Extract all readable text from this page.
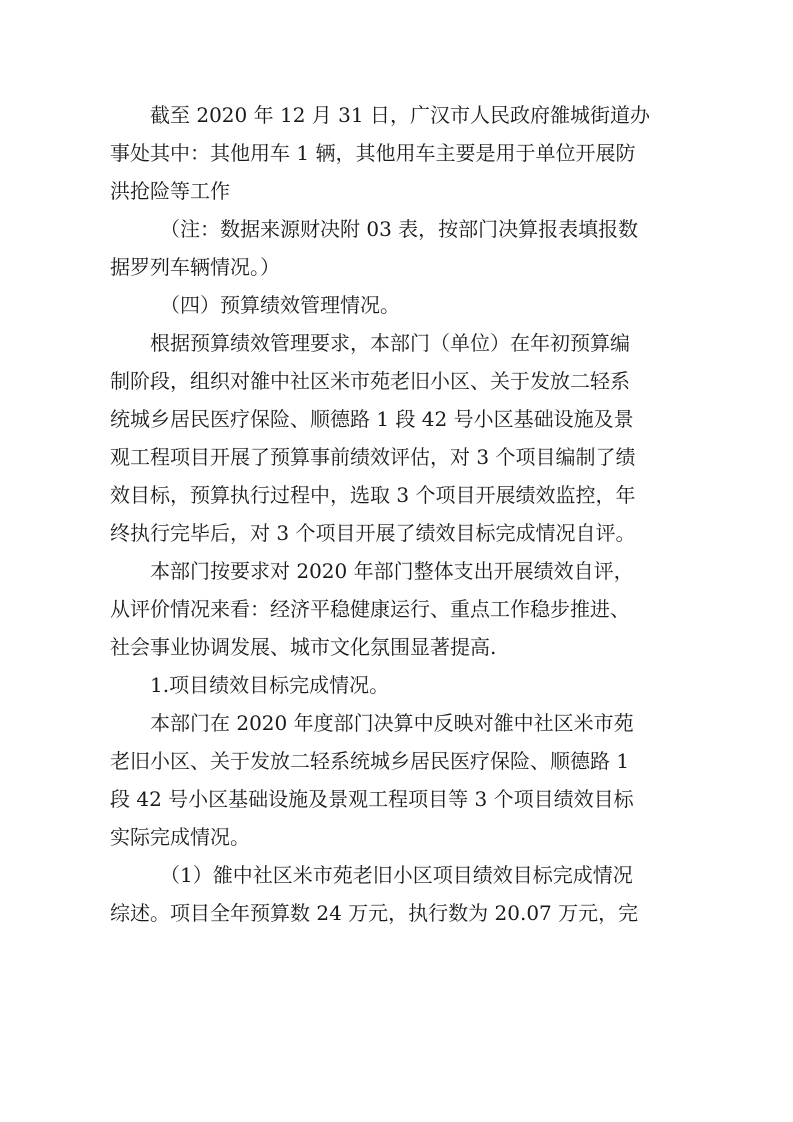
截至 2020 年 12 月 31 日，广汉市人民政府雒城街道办
事处其中：其他用车 1 辆，其他用车主要是用于单位开展防
洪抢险等工作
（注：数据来源财决附 03 表，按部门决算报表填报数
据罗列车辆情况。）
（四）预算绩效管理情况。
根据预算绩效管理要求，本部门（单位）在年初预算编
制阶段，组织对雒中社区米市苑老旧小区、关于发放二轻系
统城乡居民医疗保险、顺德路 1 段 42 号小区基础设施及景
观工程项目开展了预算事前绩效评估，对 3 个项目编制了绩
效目标，预算执行过程中，选取 3 个项目开展绩效监控，年
终执行完毕后，对 3 个项目开展了绩效目标完成情况自评。
本部门按要求对 2020 年部门整体支出开展绩效自评，
从评价情况来看：经济平稳健康运行、重点工作稳步推进、
社会事业协调发展、城市文化氛围显著提高.
1.项目绩效目标完成情况。
本部门在 2020 年度部门决算中反映对雒中社区米市苑
老旧小区、关于发放二轻系统城乡居民医疗保险、顺德路 1
段 42 号小区基础设施及景观工程项目等 3 个项目绩效目标
实际完成情况。
（1）雒中社区米市苑老旧小区项目绩效目标完成情况
综述。项目全年预算数 24 万元，执行数为 20.07 万元，完
